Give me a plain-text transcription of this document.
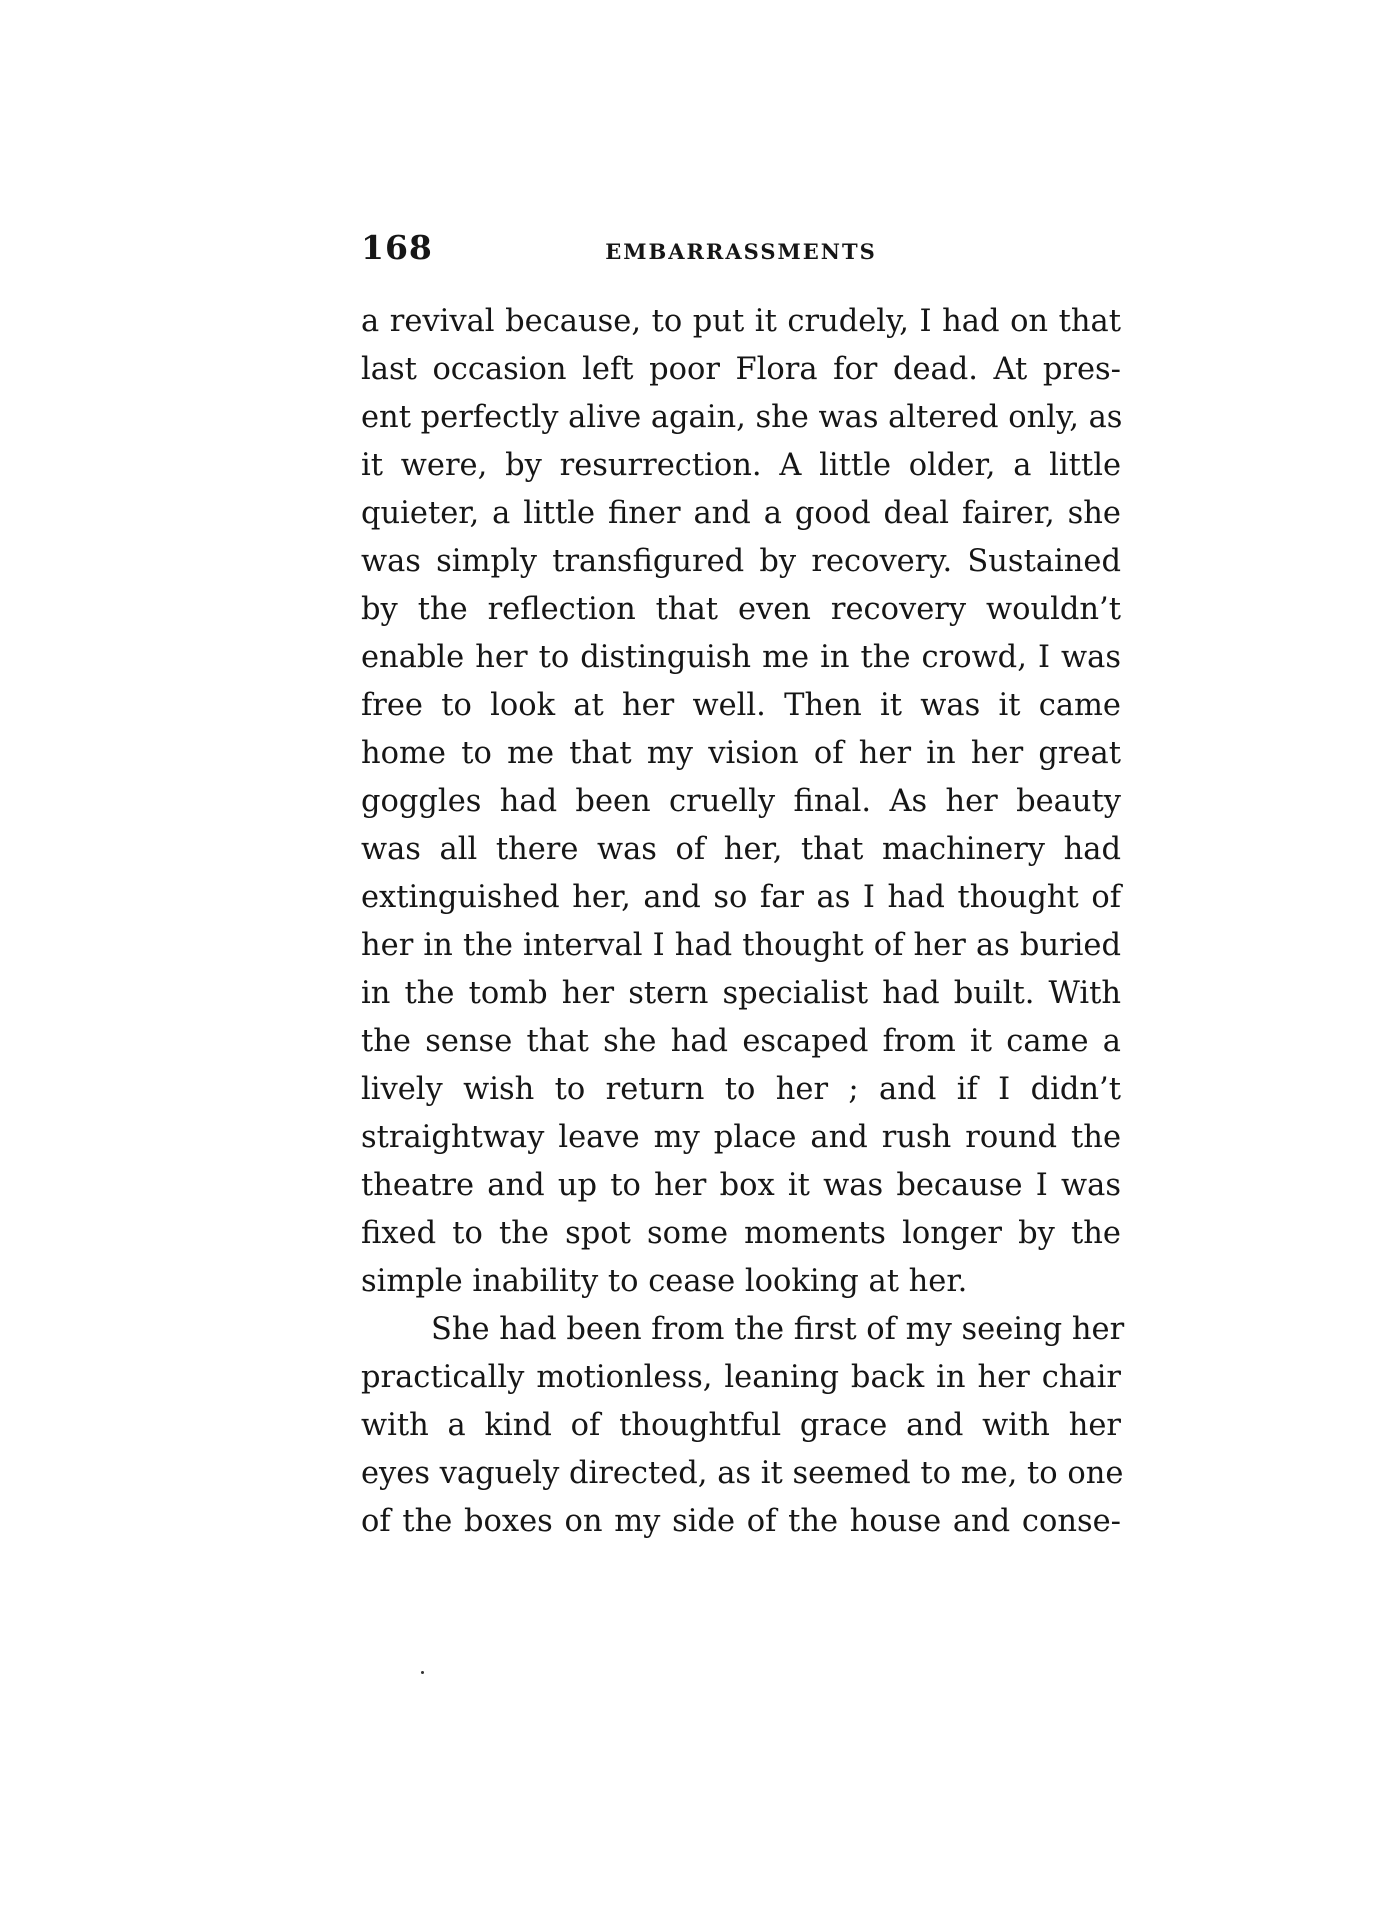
168	EMBARRASSMENTS
a revival because, to put it crudely, I had on that
last occasion left poor Flora for dead. At pres-
ent perfectly alive again, she was altered only, as
it were, by resurrection. A little older, a little
quieter, a little finer and a good deal fairer, she
was simply transfigured by recovery. Sustained
by the reflection that even recovery wouldn’t
enable her to distinguish me in the crowd, I was
free to look at her well. Then it was it came
home to me that my vision of her in her great
goggles had been cruelly final. As her beauty
was all there was of her, that machinery had
extinguished her, and so far as I had thought of
her in the interval I had thought of her as buried
in the tomb her stern specialist had built. With
the sense that she had escaped from it came a
lively wish to return to her ; and if I didn’t
straightway leave my place and rush round the
theatre and up to her box it was because I was
fixed to the spot some moments longer by the
simple inability to cease looking at her.
She had been from the first of my seeing her
practically motionless, leaning back in her chair
with a kind of thoughtful grace and with her
eyes vaguely directed, as it seemed to me, to one
of the boxes on my side of the house and conse-
